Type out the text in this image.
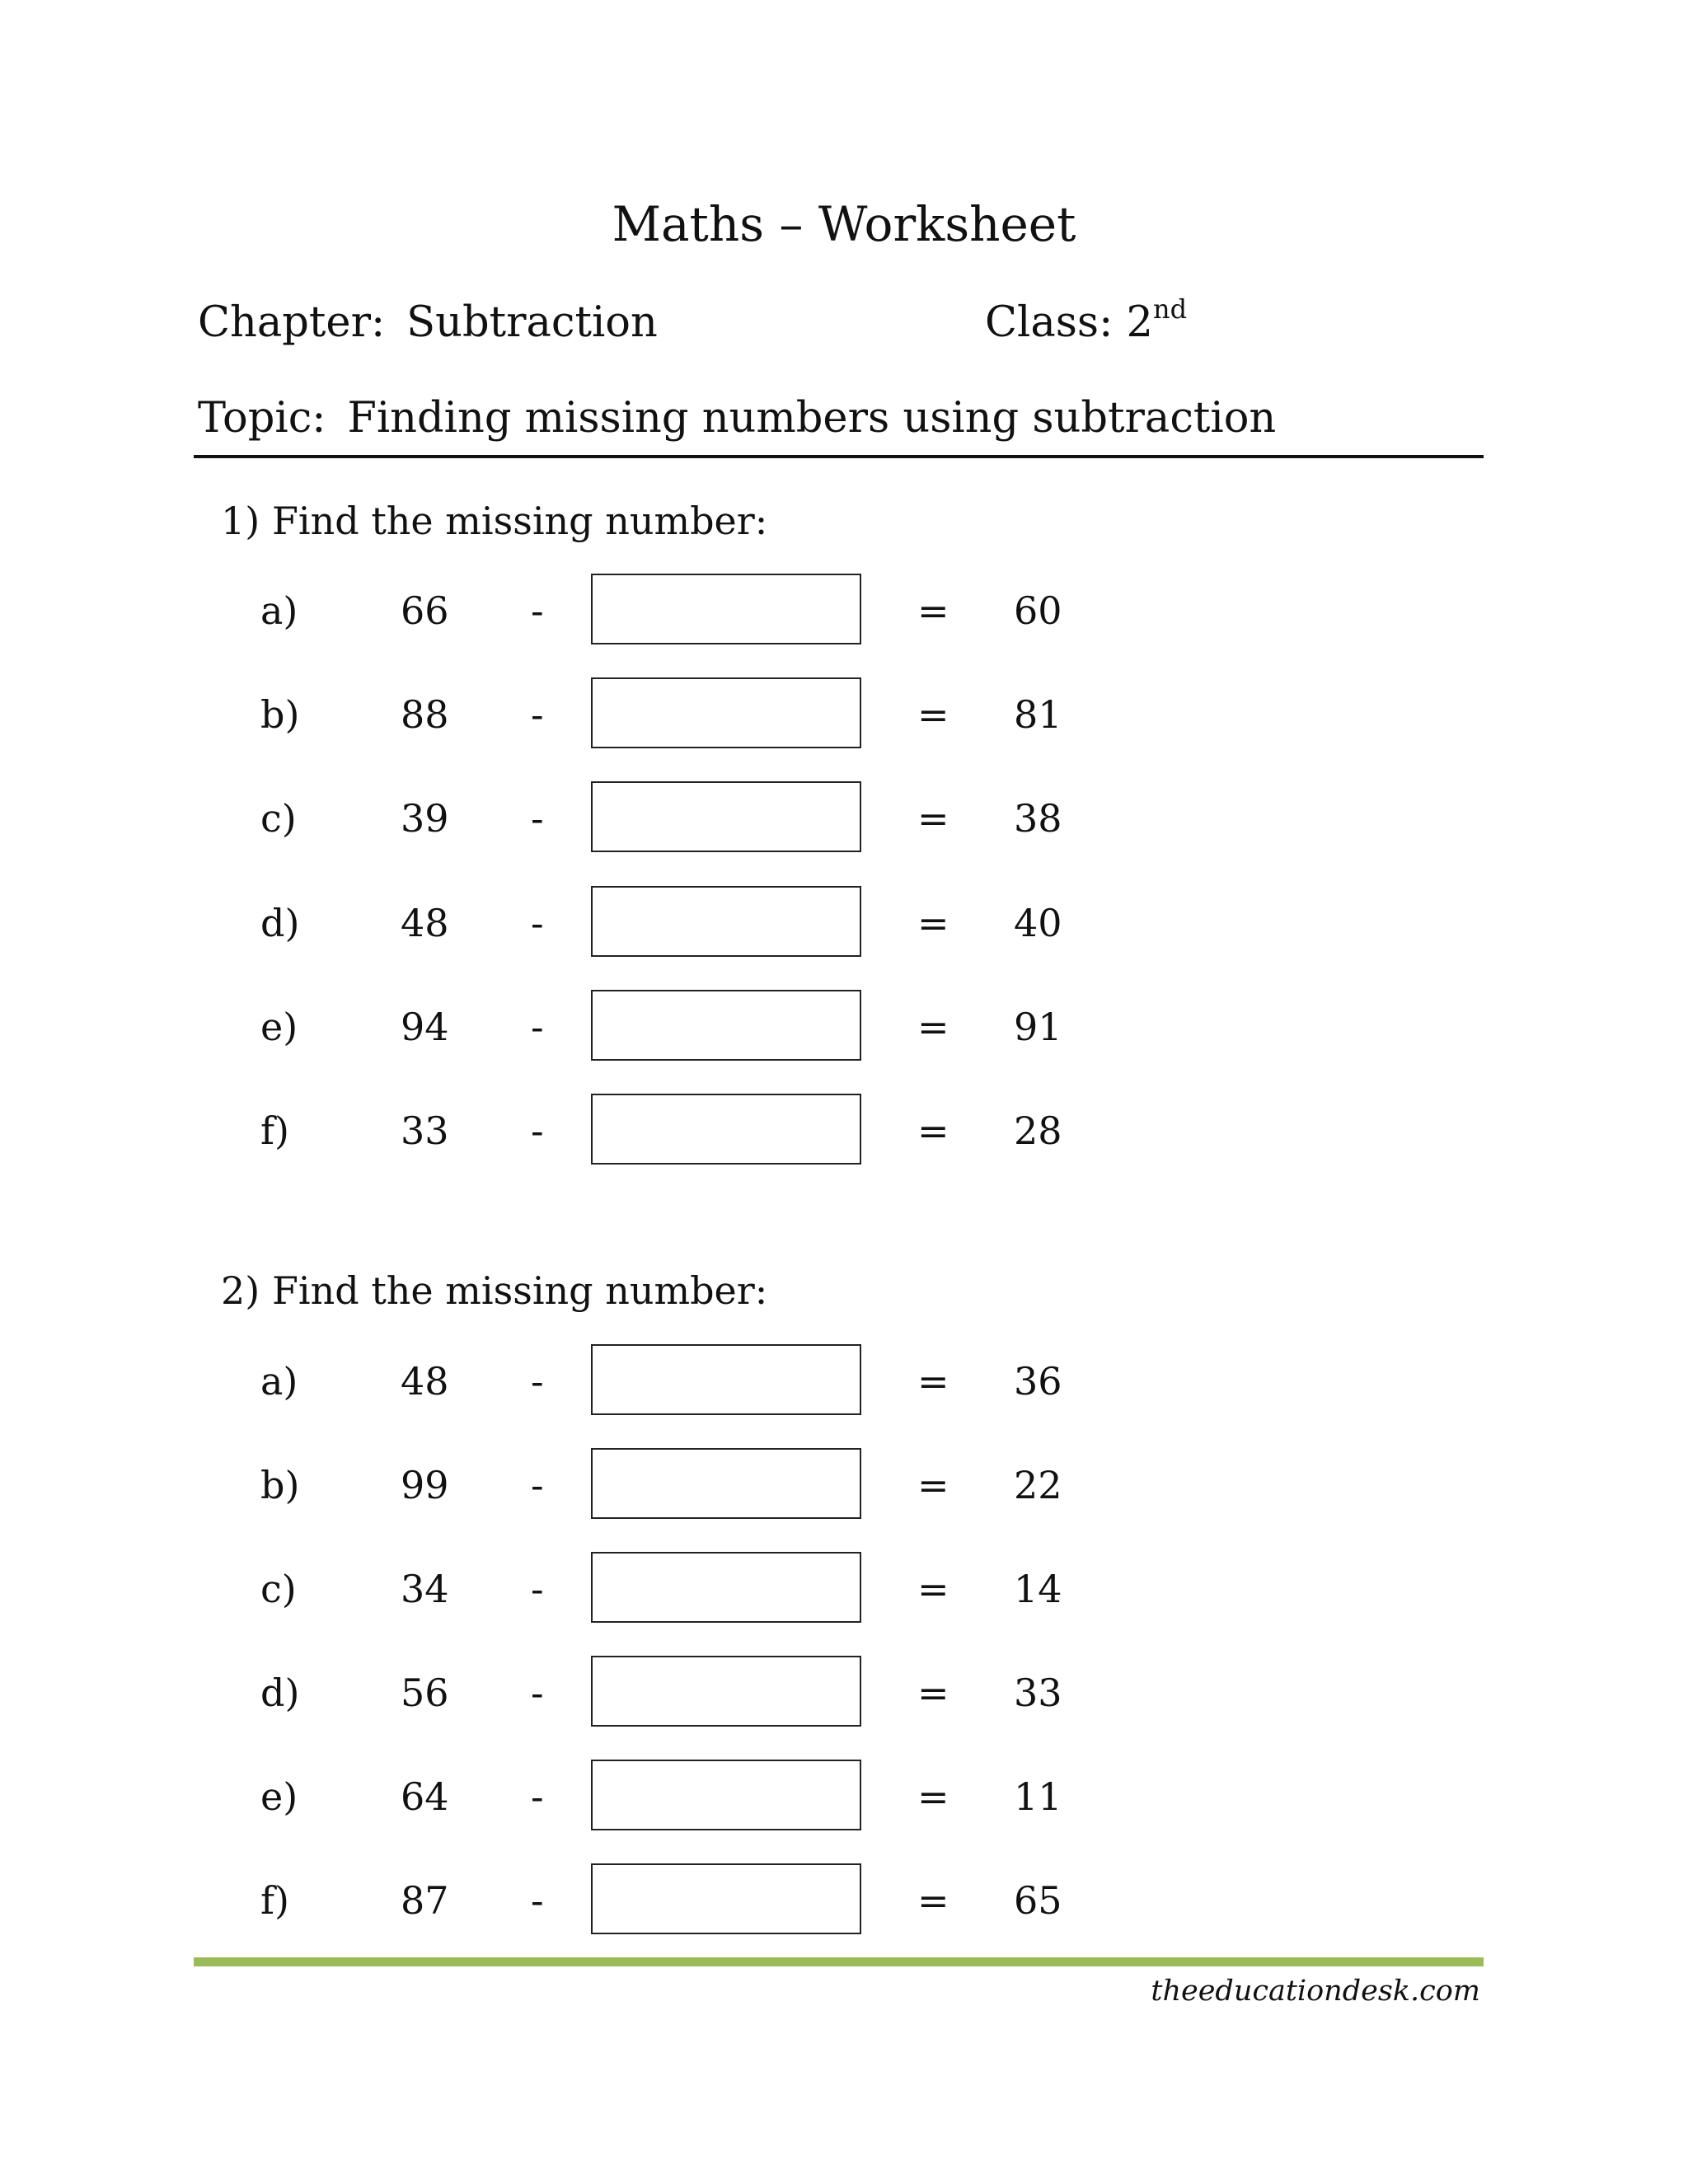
Maths – Worksheet
Chapter: Subtraction	Class: 2nd
Topic: Finding missing numbers using subtraction
1) Find the missing number:
a)	66 -	= 60
b)	88 -	= 81
c)	39 -	= 38
d)	48 -	= 40
e)	94 -	= 91
f)	33 -	= 28
2) Find the missing number:
a)	48 -	= 36
b)	99 -	= 22
c)	34 -	= 14
d)	56 -	= 33
e)	64 -	= 11
f)	87 -	= 65
theeducationdesk.com
